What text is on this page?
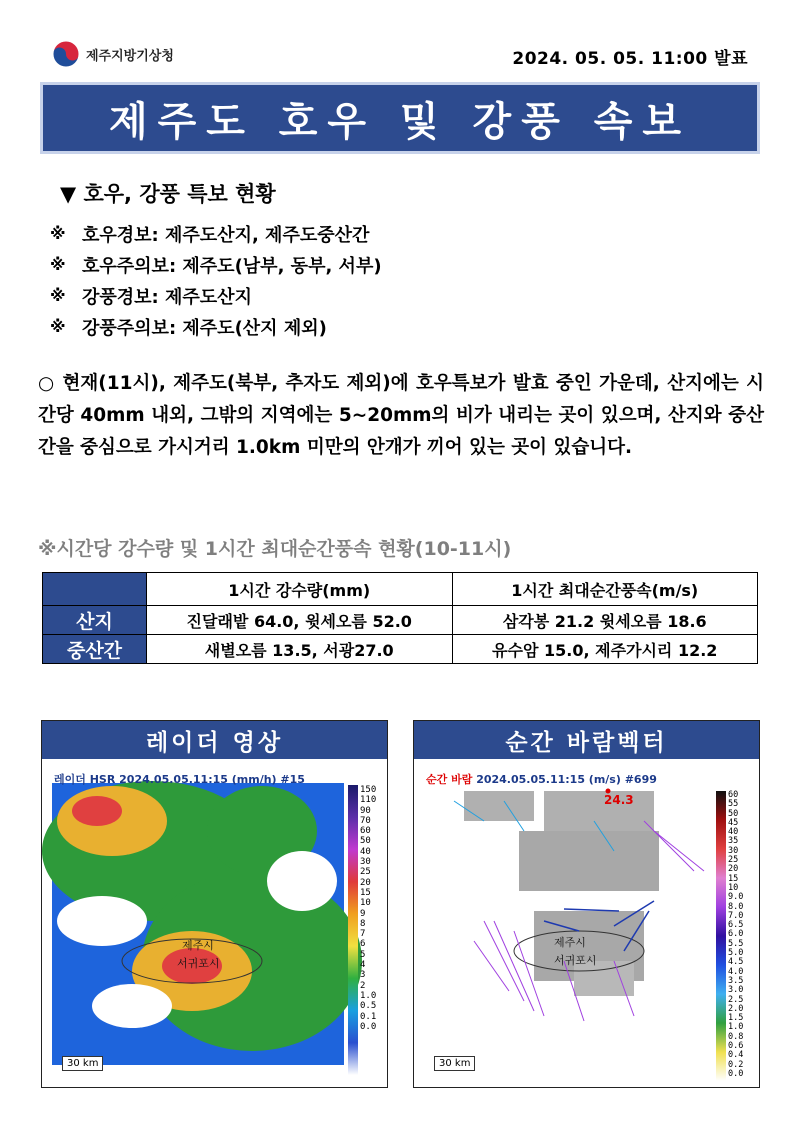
제주지방기상청	2024. 05. 05. 11:00 발표
제주도 호우 및 강풍 속보
▼ 호우, 강풍 특보 현황
※ 호우경보: 제주도산지, 제주도중산간
※ 호우주의보: 제주도(남부, 동부, 서부)
※ 강풍경보: 제주도산지
※ 강풍주의보: 제주도(산지 제외)

○ 현재(11시), 제주도(북부, 추자도 제외)에 호우특보가 발효 중인 가운데, 산지에는 시간당 40mm 내외, 그밖의 지역에는 5~20mm의 비가 내리는 곳이 있으며, 산지와 중산간을 중심으로 가시거리 1.0km 미만의 안개가 끼어 있는 곳이 있습니다.

※시간당 강수량 및 1시간 최대순간풍속 현황(10-11시)
	1시간 강수량(mm)	1시간 최대순간풍속(m/s)
산지	진달래밭 64.0, 윗세오름 52.0	삼각봉 21.2 윗세오름 18.6
중산간	새별오름 13.5, 서광27.0	유수암 15.0, 제주가시리 12.2
레이더 영상
제주시
서귀포시
레이더 HSR 2024.05.05.11:15 (mm/h) #15
150
110
90
70
60
50
40
30
25
20
15
10
9
8
7
6
5
4
3
2
1.0
0.5
0.1
0.0
30 km
순간 바람벡터
24.3
제주시
서귀포시
순간 바람 2024.05.05.11:15 (m/s) #699
60
55
50
45
40
35
30
25
20
15
10
9.0
8.0
7.0
6.5
6.0
5.5
5.0
4.5
4.0
3.5
3.0
2.5
2.0
1.5
1.0
0.8
0.6
0.4
0.2
0.0
30 km
